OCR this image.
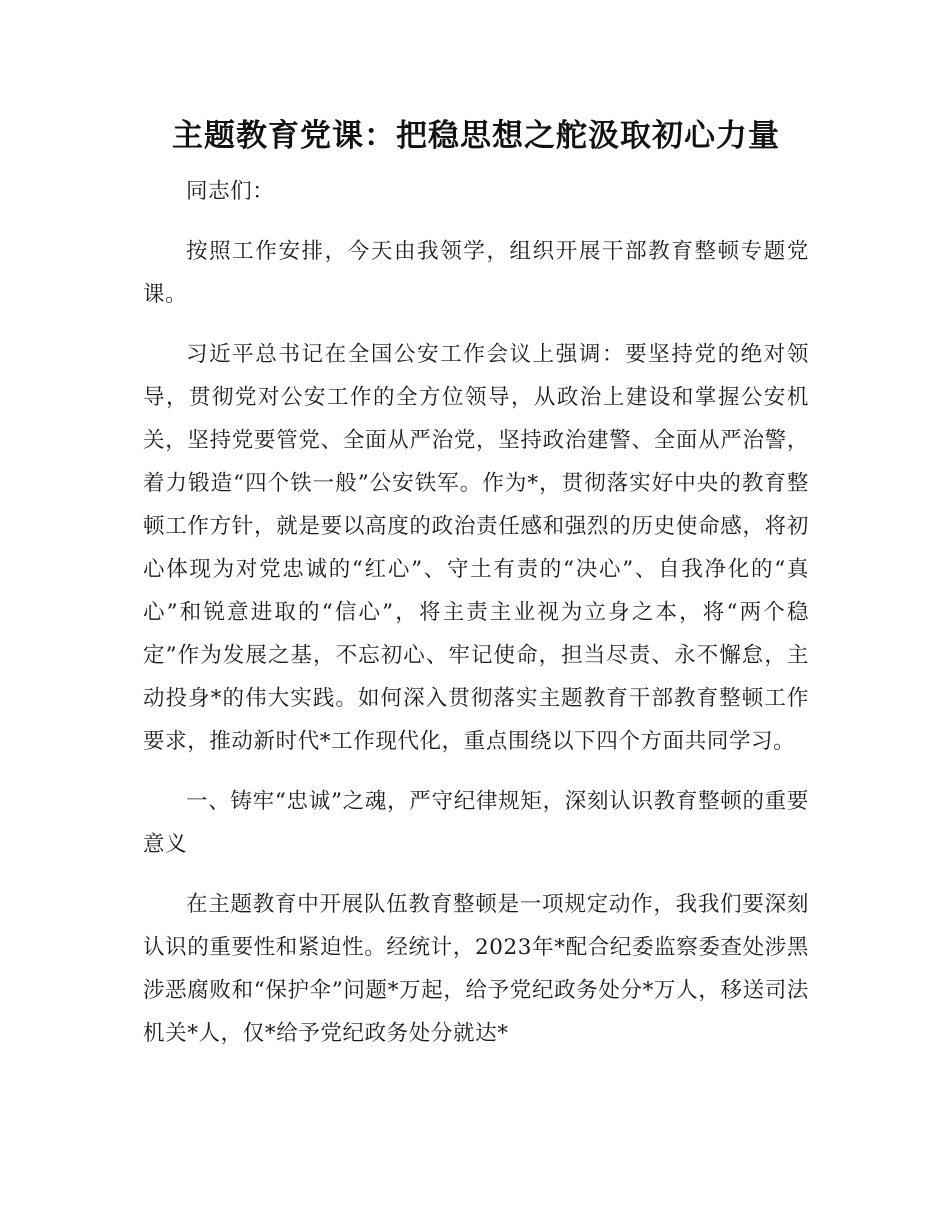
主题教育党课：把稳思想之舵汲取初心力量

同志们：

按照工作安排，今天由我领学，组织开展干部教育整顿专题党课。

习近平总书记在全国公安工作会议上强调：要坚持党的绝对领导，贯彻党对公安工作的全方位领导，从政治上建设和掌握公安机关，坚持党要管党、全面从严治党，坚持政治建警、全面从严治警，着力锻造“四个铁一般”公安铁军。作为*，贯彻落实好中央的教育整顿工作方针，就是要以高度的政治责任感和强烈的历史使命感，将初心体现为对党忠诚的“红心”、守土有责的“决心”、自我净化的“真心”和锐意进取的“信心”，将主责主业视为立身之本，将“两个稳定”作为发展之基，不忘初心、牢记使命，担当尽责、永不懈怠，主动投身*的伟大实践。如何深入贯彻落实主题教育干部教育整顿工作要求，推动新时代*工作现代化，重点围绕以下四个方面共同学习。

一、铸牢“忠诚”之魂，严守纪律规矩，深刻认识教育整顿的重要意义

在主题教育中开展队伍教育整顿是一项规定动作，我我们要深刻认识的重要性和紧迫性。经统计，2023年*配合纪委监察委查处涉黑涉恶腐败和“保护伞”问题*万起，给予党纪政务处分*万人，移送司法机关*人，仅*给予党纪政务处分就达*
